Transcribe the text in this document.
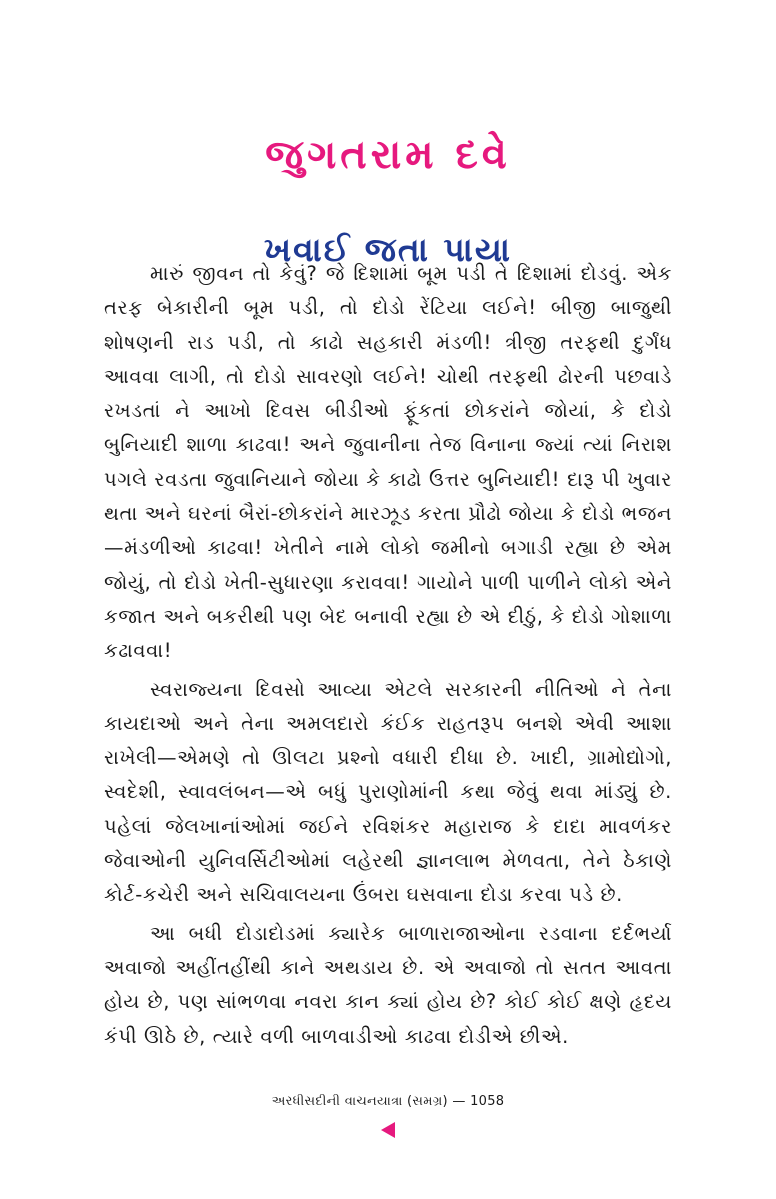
જુગતરામ દવે
ખવાઈ જતા પાયા

મારું જીવન તો કેવું? જે દિશામાં બૂમ પડી તે દિશામાં દોડવું. એક તરફ બેકારીની બૂમ પડી, તો દોડો રેંટિયા લઈને! બીજી બાજુથી શોષણની રાડ પડી, તો કાઢો સહકારી મંડળી! ત્રીજી તરફથી દુર્ગંધ આવવા લાગી, તો દોડો સાવરણો લઈને! ચોથી તરફથી ઢોરની પછવાડે રખડતાં ને આખો દિવસ બીડીઓ ફૂંકતાં છોકરાંને જોયાં, કે દોડો બુનિયાદી શાળા કાઢવા! અને જુવાનીના તેજ વિનાના જ્યાં ત્યાં નિરાશ પગલે રવડતા જુવાનિયાને જોયા કે કાઢો ઉત્તર બુનિયાદી! દારૂ પી ખુવાર થતા અને ઘરનાં બૈરાં-છોકરાંને મારઝૂડ કરતા પ્રૌઢો જોયા કે દોડો ભજન—મંડળીઓ કાઢવા! ખેતીને નામે લોકો જમીનો બગાડી રહ્યા છે એમ જોયું, તો દોડો ખેતી-સુધારણા કરાવવા! ગાયોને પાળી પાળીને લોકો એને કજાત અને બકરીથી પણ બેદ બનાવી રહ્યા છે એ દીઠું, કે દોડો ગોશાળા કઢાવવા!

સ્વરાજ્યના દિવસો આવ્યા એટલે સરકારની નીતિઓ ને તેના કાયદાઓ અને તેના અમલદારો કંઈક રાહતરૂપ બનશે એવી આશા રાખેલી—એમણે તો ઊલટા પ્રશ્નો વધારી દીધા છે. ખાદી, ગ્રામોદ્યોગો, સ્વદેશી, સ્વાવલંબન—એ બધું પુરાણોમાંની કથા જેવું થવા માંડ્યું છે. પહેલાં જેલખાનાંઓમાં જઈને રવિશંકર મહારાજ કે દાદા માવળંકર જેવાઓની યુનિવર્સિટીઓમાં લહેરથી જ્ઞાનલાભ મેળવતા, તેને ઠેકાણે કોર્ટ-કચેરી અને સચિવાલયના ઉંબરા ઘસવાના દોડા કરવા પડે છે.

આ બધી દોડાદોડમાં ક્યારેક બાળારાજાઓના રડવાના દર્દભર્યા અવાજો અહીંતહીંથી કાને અથડાય છે. એ અવાજો તો સતત આવતા હોય છે, પણ સાંભળવા નવરા કાન ક્યાં હોય છે? કોઈ કોઈ ક્ષણે હૃદય કંપી ઊઠે છે, ત્યારે વળી બાળવાડીઓ કાઢવા દોડીએ છીએ.

અરધીસદીની વાચનયાત્રા (સમગ્ર) — 1058
